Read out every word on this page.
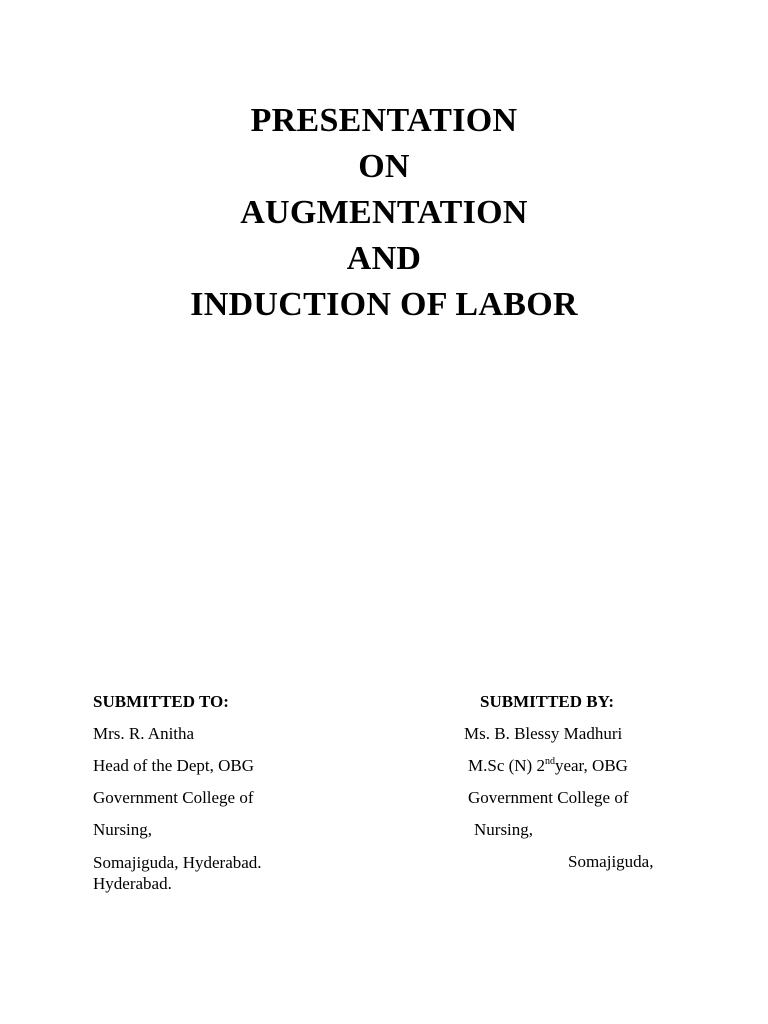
PRESENTATION
ON
AUGMENTATION
AND
INDUCTION OF LABOR
SUBMITTED TO:
Mrs. R. Anitha
Head of the Dept, OBG
Government College of
Nursing,
Somajiguda, Hyderabad.
Hyderabad.
SUBMITTED BY:
Ms. B. Blessy Madhuri
M.Sc (N) 2ndyear, OBG
Government College of
Nursing,
Somajiguda,
